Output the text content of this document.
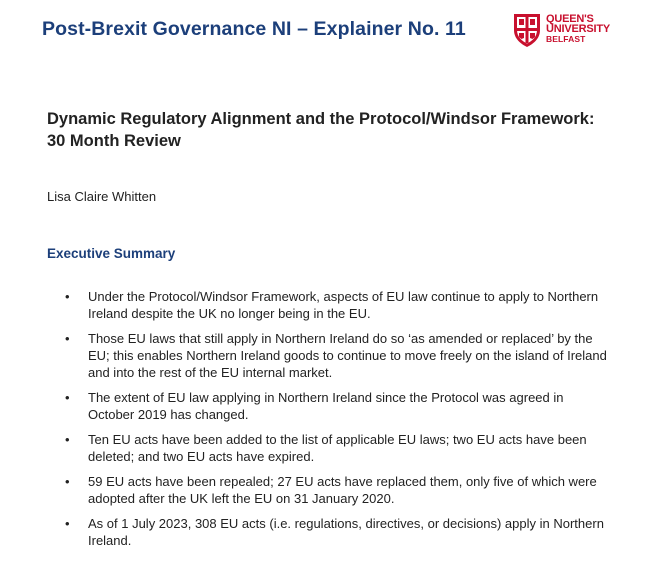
Post-Brexit Governance NI – Explainer No. 11	QUEEN'S
UNIVERSITY
BELFAST
Dynamic Regulatory Alignment and the Protocol/Windsor Framework: 30 Month Review
Lisa Claire Whitten
Executive Summary
• Under the Protocol/Windsor Framework, aspects of EU law continue to apply to Northern Ireland despite the UK no longer being in the EU.
• Those EU laws that still apply in Northern Ireland do so ‘as amended or replaced’ by the EU; this enables Northern Ireland goods to continue to move freely on the island of Ireland and into the rest of the EU internal market.
• The extent of EU law applying in Northern Ireland since the Protocol was agreed in October 2019 has changed.
• Ten EU acts have been added to the list of applicable EU laws; two EU acts have been deleted; and two EU acts have expired.
• 59 EU acts have been repealed; 27 EU acts have replaced them, only five of which were adopted after the UK left the EU on 31 January 2020.
• As of 1 July 2023, 308 EU acts (i.e. regulations, directives, or decisions) apply in Northern Ireland.
